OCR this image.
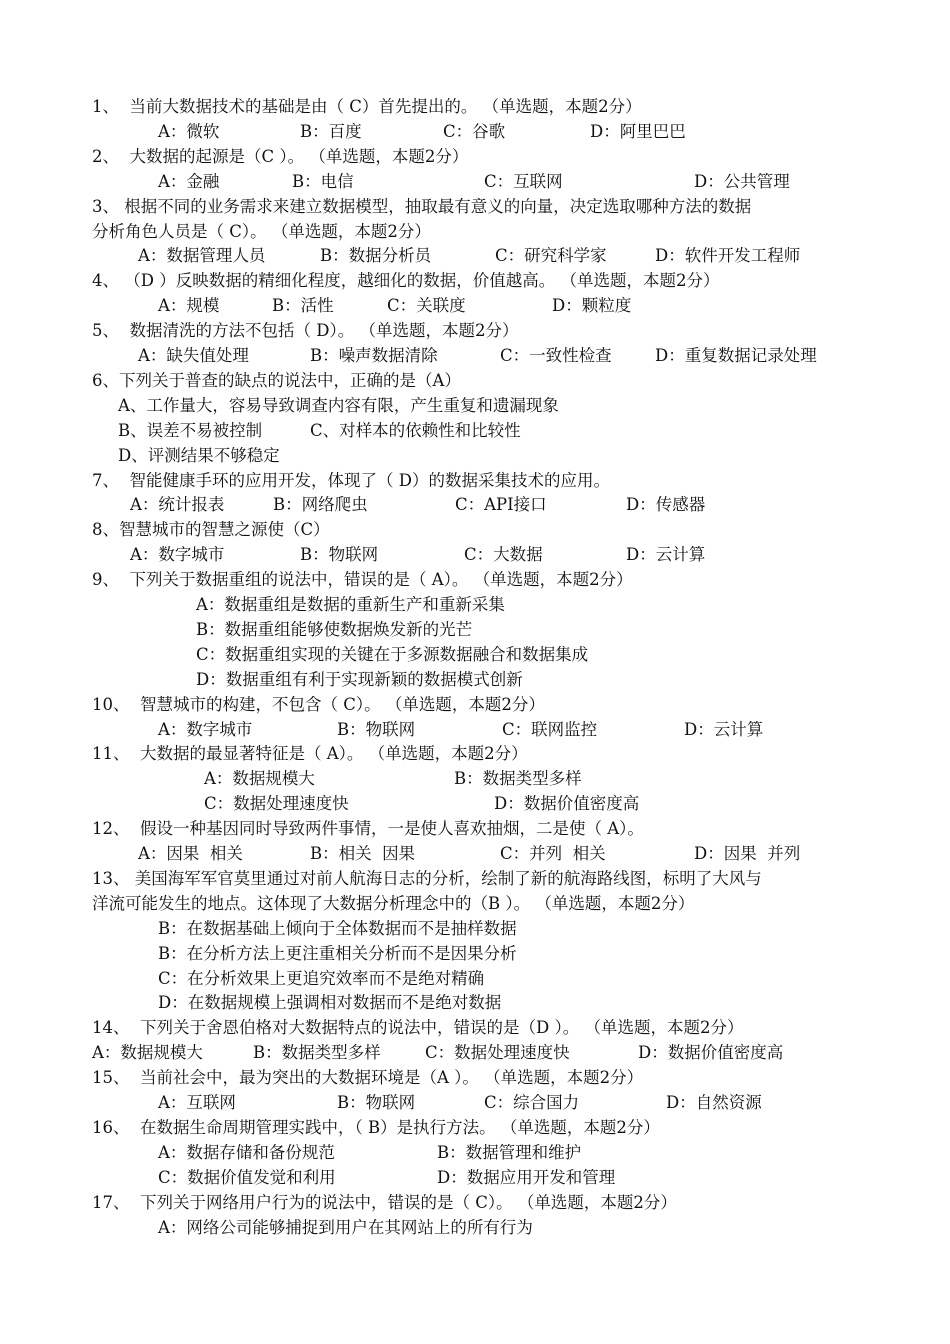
1、  当前大数据技术的基础是由（ C）首先提出的。 （单选题，本题2分）
A：微软	B：百度	C：谷歌	D：阿里巴巴
2、  大数据的起源是（C ）。 （单选题，本题2分）
A：金融	B：电信	C：互联网	D：公共管理
3、 根据不同的业务需求来建立数据模型，抽取最有意义的向量，决定选取哪种方法的数据
分析角色人员是（ C）。 （单选题，本题2分）
A：数据管理人员	B：数据分析员	C：研究科学家	D：软件开发工程师
4、 （D ）反映数据的精细化程度，越细化的数据，价值越高。 （单选题，本题2分）
A：规模	B：活性	C：关联度	D：颗粒度
5、  数据清洗的方法不包括（ D）。 （单选题，本题2分）
A：缺失值处理	B：噪声数据清除	C：一致性检查	D：重复数据记录处理
6、下列关于普查的缺点的说法中，正确的是（A）
A、工作量大，容易导致调查内容有限，产生重复和遗漏现象
B、误差不易被控制	C、对样本的依赖性和比较性
D、评测结果不够稳定
7、  智能健康手环的应用开发，体现了（ D）的数据采集技术的应用。
A：统计报表	B：网络爬虫	C：API接口	D：传感器
8、智慧城市的智慧之源使（C）
A：数字城市	B：物联网	C：大数据	D：云计算
9、  下列关于数据重组的说法中，错误的是（ A）。 （单选题，本题2分）
A：数据重组是数据的重新生产和重新采集
B：数据重组能够使数据焕发新的光芒
C：数据重组实现的关键在于多源数据融合和数据集成
D：数据重组有利于实现新颖的数据模式创新
10、  智慧城市的构建，不包含（ C）。 （单选题，本题2分）
A：数字城市	B：物联网	C：联网监控	D：云计算
11、  大数据的最显著特征是（ A）。 （单选题，本题2分）
A：数据规模大	B：数据类型多样
C：数据处理速度快	D：数据价值密度高
12、  假设一种基因同时导致两件事情，一是使人喜欢抽烟，二是使（ A）。
A：因果  相关	B：相关  因果	C：并列  相关	D：因果  并列
13、 美国海军军官莫里通过对前人航海日志的分析，绘制了新的航海路线图，标明了大风与
洋流可能发生的地点。这体现了大数据分析理念中的（B ）。 （单选题，本题2分）
B：在数据基础上倾向于全体数据而不是抽样数据
B：在分析方法上更注重相关分析而不是因果分析
C：在分析效果上更追究效率而不是绝对精确
D：在数据规模上强调相对数据而不是绝对数据
14、  下列关于舍恩伯格对大数据特点的说法中，错误的是（D ）。 （单选题，本题2分）
A：数据规模大	B：数据类型多样	C：数据处理速度快	D：数据价值密度高
15、  当前社会中，最为突出的大数据环境是（A ）。 （单选题，本题2分）
A：互联网	B：物联网	C：综合国力	D：自然资源
16、  在数据生命周期管理实践中，（ B）是执行方法。 （单选题，本题2分）
A：数据存储和备份规范	B：数据管理和维护
C：数据价值发觉和利用	D：数据应用开发和管理
17、  下列关于网络用户行为的说法中，错误的是（ C）。 （单选题，本题2分）
A：网络公司能够捕捉到用户在其网站上的所有行为
